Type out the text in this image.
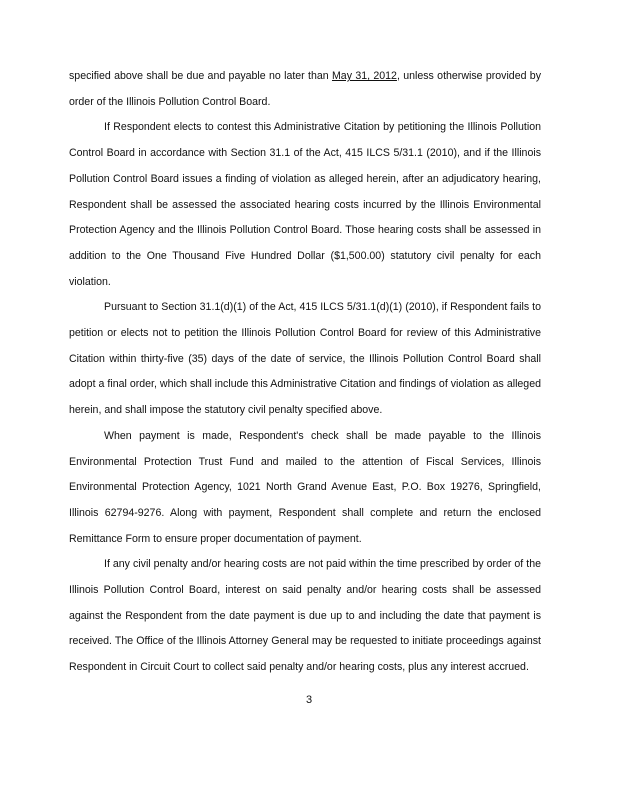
specified above shall be due and payable no later than May 31, 2012, unless otherwise provided by order of the Illinois Pollution Control Board.

If Respondent elects to contest this Administrative Citation by petitioning the Illinois Pollution Control Board in accordance with Section 31.1 of the Act, 415 ILCS 5/31.1 (2010), and if the Illinois Pollution Control Board issues a finding of violation as alleged herein, after an adjudicatory hearing, Respondent shall be assessed the associated hearing costs incurred by the Illinois Environmental Protection Agency and the Illinois Pollution Control Board. Those hearing costs shall be assessed in addition to the One Thousand Five Hundred Dollar ($1,500.00) statutory civil penalty for each violation.

Pursuant to Section 31.1(d)(1) of the Act, 415 ILCS 5/31.1(d)(1) (2010), if Respondent fails to petition or elects not to petition the Illinois Pollution Control Board for review of this Administrative Citation within thirty-five (35) days of the date of service, the Illinois Pollution Control Board shall adopt a final order, which shall include this Administrative Citation and findings of violation as alleged herein, and shall impose the statutory civil penalty specified above.

When payment is made, Respondent's check shall be made payable to the Illinois Environmental Protection Trust Fund and mailed to the attention of Fiscal Services, Illinois Environmental Protection Agency, 1021 North Grand Avenue East, P.O. Box 19276, Springfield, Illinois 62794-9276. Along with payment, Respondent shall complete and return the enclosed Remittance Form to ensure proper documentation of payment.

If any civil penalty and/or hearing costs are not paid within the time prescribed by order of the Illinois Pollution Control Board, interest on said penalty and/or hearing costs shall be assessed against the Respondent from the date payment is due up to and including the date that payment is received. The Office of the Illinois Attorney General may be requested to initiate proceedings against Respondent in Circuit Court to collect said penalty and/or hearing costs, plus any interest accrued.

3
